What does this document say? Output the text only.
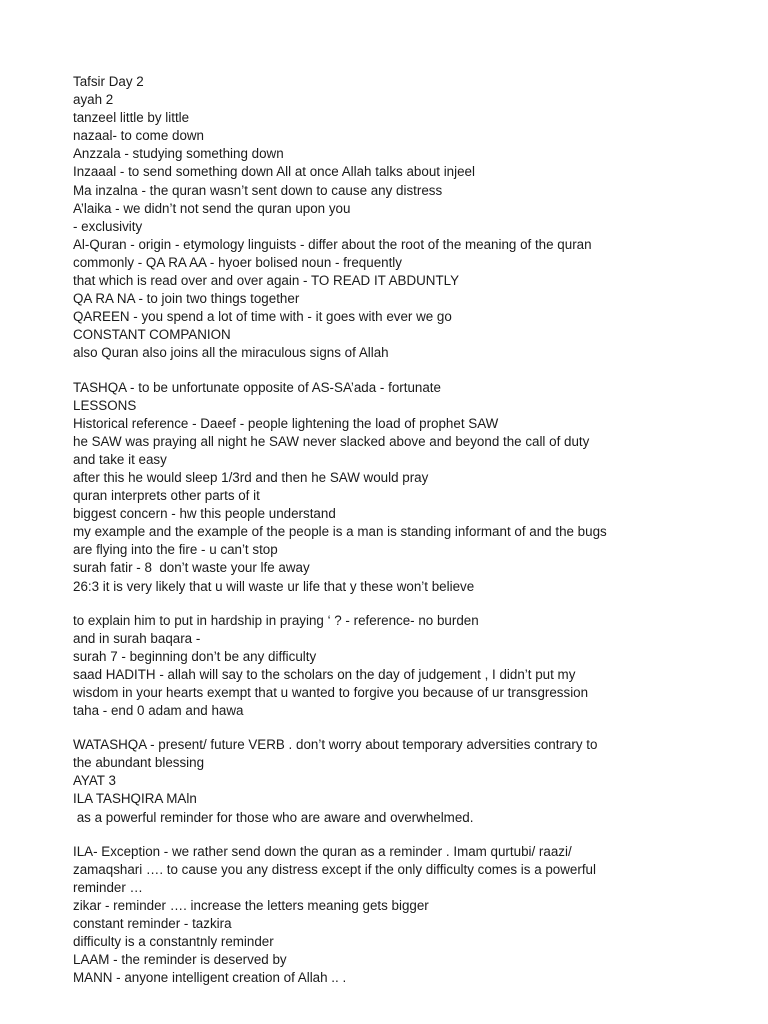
Tafsir Day 2
ayah 2
tanzeel little by little
nazaal- to come down
Anzzala - studying something down
Inzaaal - to send something down All at once Allah talks about injeel
Ma inzalna - the quran wasn’t sent down to cause any distress
A’laika - we didn’t not send the quran upon you
- exclusivity
Al-Quran - origin - etymology linguists - differ about the root of the meaning of the quran
commonly - QA RA AA - hyoer bolised noun - frequently
that which is read over and over again - TO READ IT ABDUNTLY
QA RA NA - to join two things together
QAREEN - you spend a lot of time with - it goes with ever we go
CONSTANT COMPANION
also Quran also joins all the miraculous signs of Allah
TASHQA - to be unfortunate opposite of AS-SA’ada - fortunate
LESSONS
Historical reference - Daeef - people lightening the load of prophet SAW
he SAW was praying all night he SAW never slacked above and beyond the call of duty
and take it easy
after this he would sleep 1/3rd and then he SAW would pray
quran interprets other parts of it
biggest concern - hw this people understand
my example and the example of the people is a man is standing informant of and the bugs
are flying into the fire - u can’t stop
surah fatir - 8  don’t waste your lfe away
26:3 it is very likely that u will waste ur life that y these won’t believe
to explain him to put in hardship in praying ‘ ? - reference- no burden
and in surah baqara -
surah 7 - beginning don’t be any difficulty
saad HADITH - allah will say to the scholars on the day of judgement , I didn’t put my
wisdom in your hearts exempt that u wanted to forgive you because of ur transgression
taha - end 0 adam and hawa
WATASHQA - present/ future VERB . don’t worry about temporary adversities contrary to
the abundant blessing
AYAT 3
ILA TASHQIRA MAln
as a powerful reminder for those who are aware and overwhelmed.
ILA- Exception - we rather send down the quran as a reminder . Imam qurtubi/ raazi/
zamaqshari …. to cause you any distress except if the only difficulty comes is a powerful
reminder …
zikar - reminder …. increase the letters meaning gets bigger
constant reminder - tazkira
difficulty is a constantnly reminder
LAAM - the reminder is deserved by
MANN - anyone intelligent creation of Allah .. .
